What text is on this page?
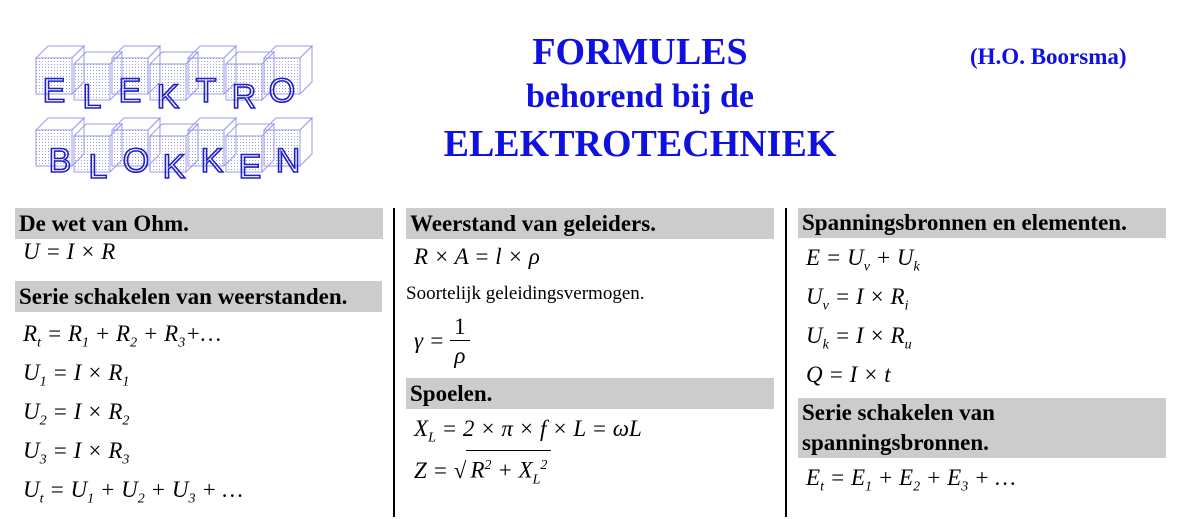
E L E K T R O
B L O K K E N
FORMULES
behorend bij de
ELEKTROTECHNIEK
(H.O. Boorsma)
De wet van Ohm.
U = I × R
Serie schakelen van weerstanden.
$R_t = R_1 + R_2$ + $R_3+\dots$
$U_1 = I \times R_1$
$U_2 = I \times R_2$
$U_3 = I \times R_3$
$U_t = U_1 + U_2 + U_3$ + …
Weerstand van geleiders.
R × A = l × ρ
Soortelijk geleidingsvermogen.
$\gamma = \frac{1}{\rho}$
Spoelen.
$X_L = 2 \times \pi \times f \times L = \omega L$
Z = √ $R^2 + X_L^2$
Spanningsbronnen en elementen.
$E = U_v + U_k$
$U_v = I \times R_i$
$U_k = I \times R_u$
Q = I × t
Serie schakelen van spanningsbronnen.
$E_t = E_1 + E_2 + E_3$ + …
